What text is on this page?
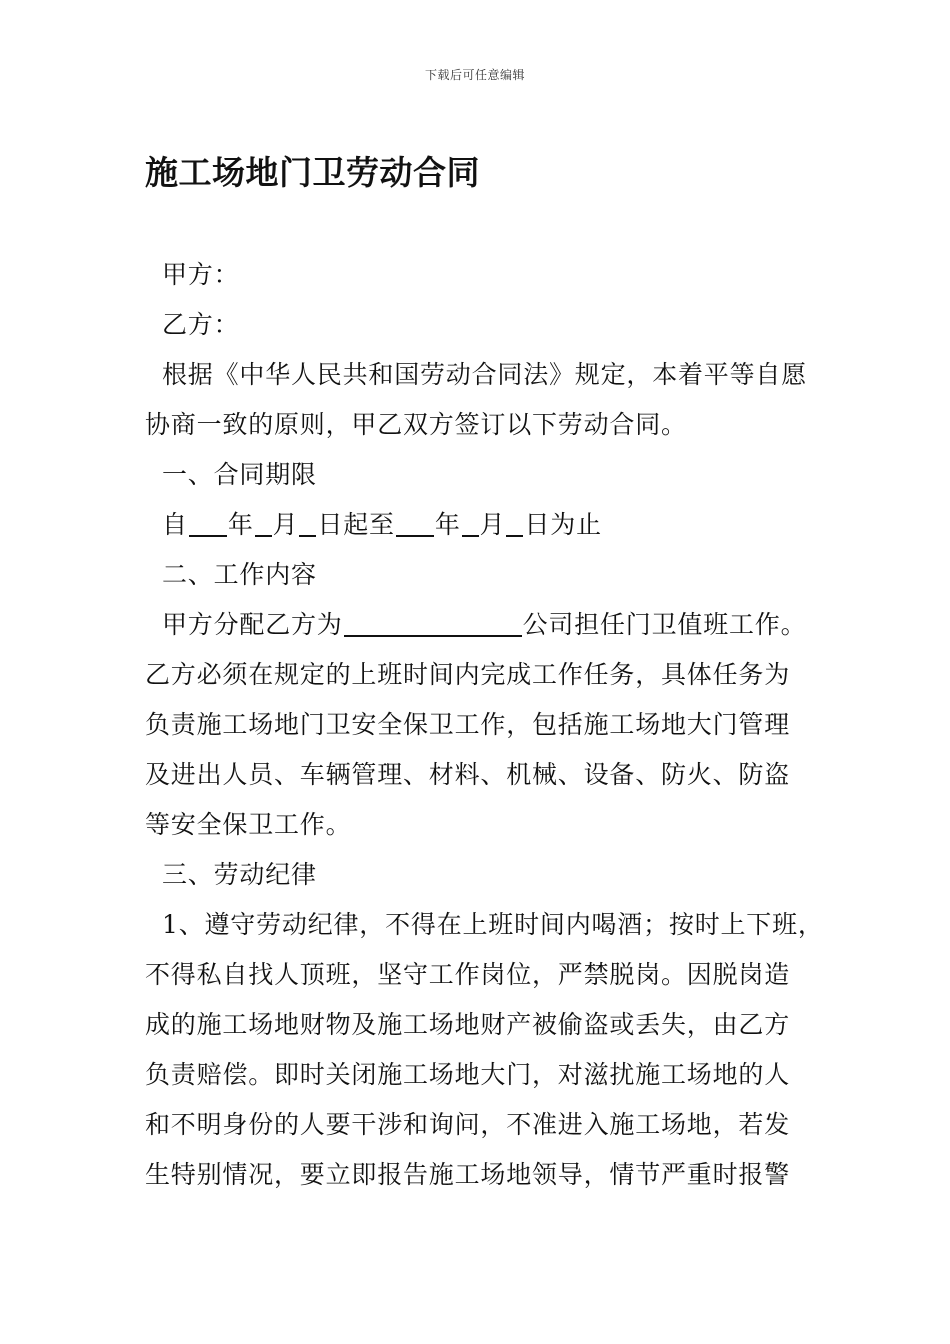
下载后可任意编辑
施工场地门卫劳动合同
甲方：
乙方：
根据《中华人民共和国劳动合同法》规定，本着平等自愿
协商一致的原则，甲乙双方签订以下劳动合同。
一、合同期限
自 年 月 日起至 年 月 日为止
二、工作内容
甲方分配乙方为	公司担任门卫值班工作。
乙方必须在规定的上班时间内完成工作任务，具体任务为
负责施工场地门卫安全保卫工作，包括施工场地大门管理
及进出人员、车辆管理、材料、机械、设备、防火、防盗
等安全保卫工作。
三、劳动纪律
1、遵守劳动纪律，不得在上班时间内喝酒；按时上下班，
不得私自找人顶班，坚守工作岗位，严禁脱岗。因脱岗造
成的施工场地财物及施工场地财产被偷盗或丢失，由乙方
负责赔偿。即时关闭施工场地大门，对滋扰施工场地的人
和不明身份的人要干涉和询问，不准进入施工场地，若发
生特别情况，要立即报告施工场地领导，情节严重时报警
